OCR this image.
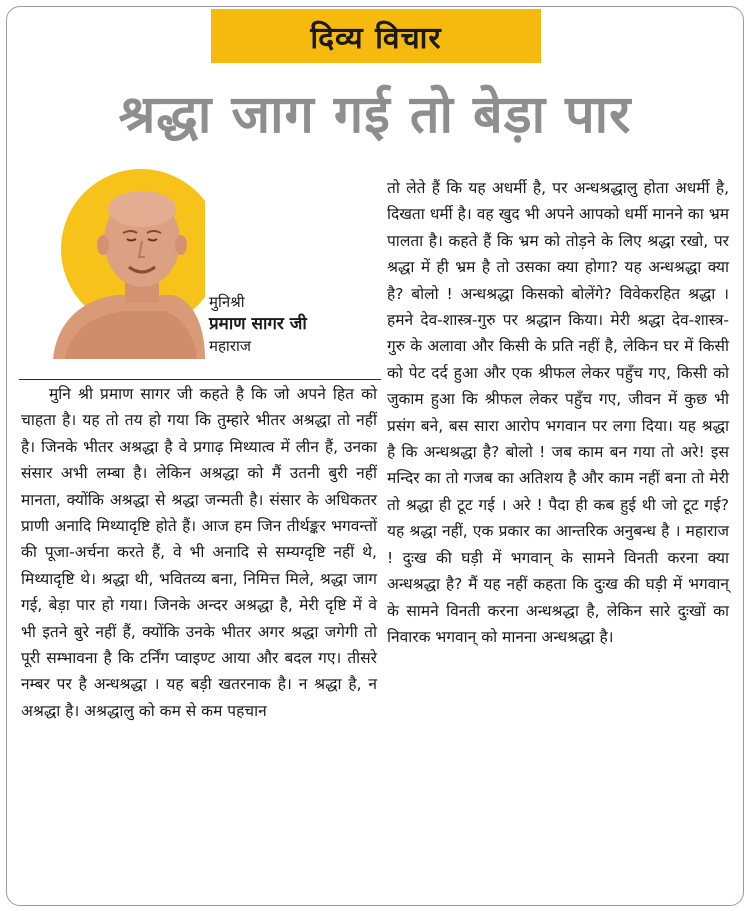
दिव्य विचार
श्रद्धा जाग गई तो बेड़ा पार
मुनिश्री
प्रमाण सागर जी
महाराज
मुनि श्री प्रमाण सागर जी कहते है कि जो अपने हित को चाहता है। यह तो तय हो गया कि तुम्हारे भीतर अश्रद्धा तो नहीं है। जिनके भीतर अश्रद्धा है वे प्रगाढ़ मिथ्यात्व में लीन हैं, उनका संसार अभी लम्बा है। लेकिन अश्रद्धा को मैं उतनी बुरी नहीं मानता, क्योंकि अश्रद्धा से श्रद्धा जन्मती है। संसार के अधिकतर प्राणी अनादि मिथ्यादृष्टि होते हैं। आज हम जिन तीर्थङ्कर भगवन्तों की पूजा-अर्चना करते हैं, वे भी अनादि से सम्यग्दृष्टि नहीं थे, मिथ्यादृष्टि थे। श्रद्धा थी, भवितव्य बना, निमित्त मिले, श्रद्धा जाग गई, बेड़ा पार हो गया। जिनके अन्दर अश्रद्धा है, मेरी दृष्टि में वे भी इतने बुरे नहीं हैं, क्योंकि उनके भीतर अगर श्रद्धा जगेगी तो पूरी सम्भावना है कि टर्निंग प्वाइण्ट आया और बदल गए। तीसरे नम्बर पर है अन्धश्रद्धा । यह बड़ी खतरनाक है। न श्रद्धा है, न अश्रद्धा है। अश्रद्धालु को कम से कम पहचान
तो लेते हैं कि यह अधर्मी है, पर अन्धश्रद्धालु होता अधर्मी है, दिखता धर्मी है। वह खुद भी अपने आपको धर्मी मानने का भ्रम पालता है। कहते हैं कि भ्रम को तोड़ने के लिए श्रद्धा रखो, पर श्रद्धा में ही भ्रम है तो उसका क्या होगा? यह अन्धश्रद्धा क्या है? बोलो ! अन्धश्रद्धा किसको बोलेंगे? विवेकरहित श्रद्धा । हमने देव-शास्त्र-गुरु पर श्रद्धान किया। मेरी श्रद्धा देव-शास्त्र-गुरु के अलावा और किसी के प्रति नहीं है, लेकिन घर में किसी को पेट दर्द हुआ और एक श्रीफल लेकर पहुँच गए, किसी को जुकाम हुआ कि श्रीफल लेकर पहुँच गए, जीवन में कुछ भी प्रसंग बने, बस सारा आरोप भगवान पर लगा दिया। यह श्रद्धा है कि अन्धश्रद्धा है? बोलो ! जब काम बन गया तो अरे! इस मन्दिर का तो गजब का अतिशय है और काम नहीं बना तो मेरी तो श्रद्धा ही टूट गई । अरे ! पैदा ही कब हुई थी जो टूट गई? यह श्रद्धा नहीं, एक प्रकार का आन्तरिक अनुबन्ध है । महाराज ! दुःख की घड़ी में भगवान् के सामने विनती करना क्या अन्धश्रद्धा है? मैं यह नहीं कहता कि दुःख की घड़ी में भगवान् के सामने विनती करना अन्धश्रद्धा है, लेकिन सारे दुःखों का निवारक भगवान् को मानना अन्धश्रद्धा है।
